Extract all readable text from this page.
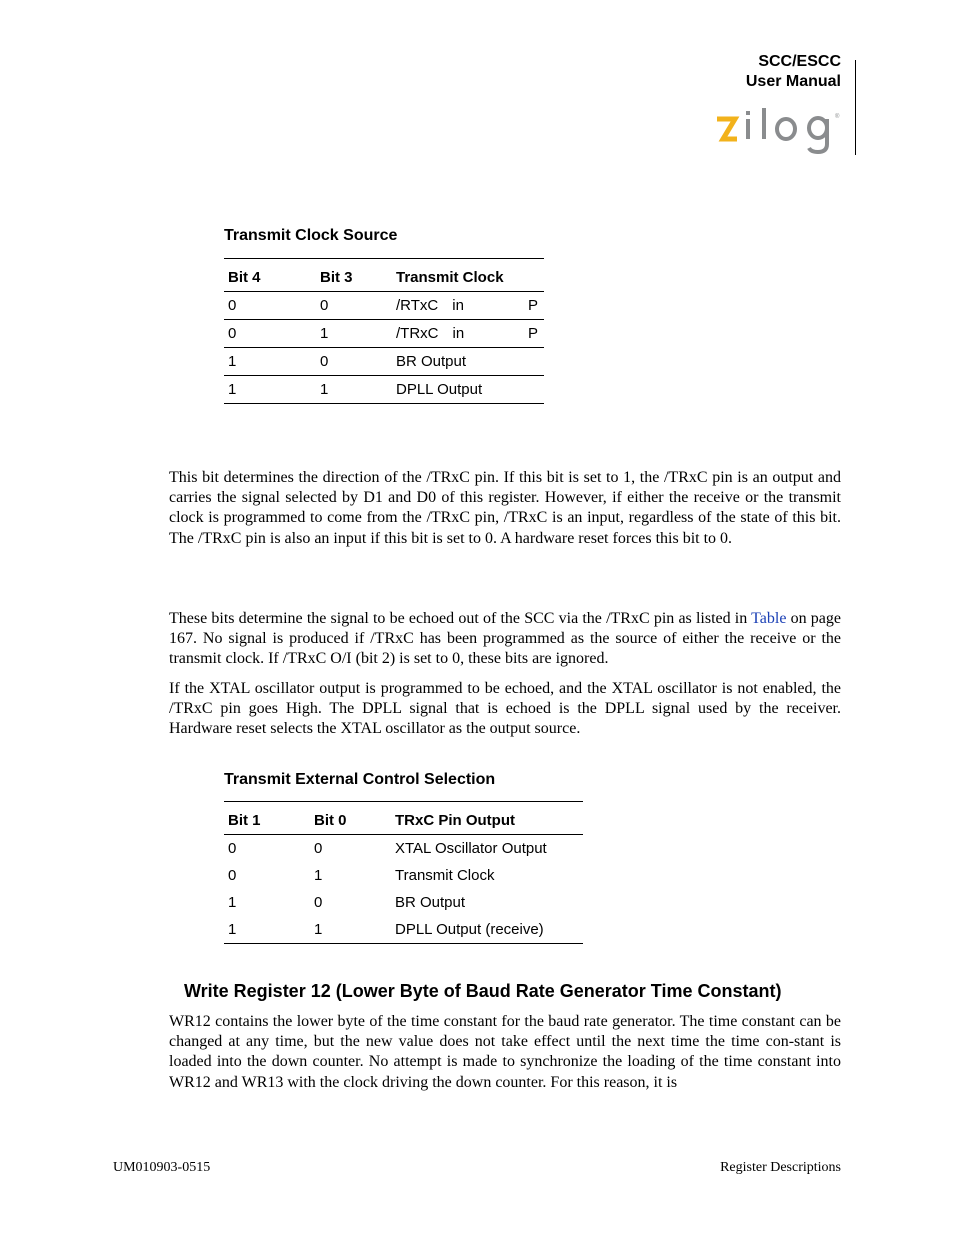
SCC/ESCC
User Manual
®
Transmit Clock Source
Bit 4	Bit 3	Transmit Clock
0	0	/RTxC in P

0	1	/TRxC in P

1	0	BR Output
1	1	DPLL Output

This bit determines the direction of the /TRxC pin. If this bit is set to 1, the /TRxC pin is an output and carries the signal selected by D1 and D0 of this register. However, if either the receive or the transmit clock is programmed to come from the /TRxC pin, /TRxC is an input, regardless of the state of this bit. The /TRxC pin is also an input if this bit is set to 0. A hardware reset forces this bit to 0.

These bits determine the signal to be echoed out of the SCC via the /TRxC pin as listed in Table on page 167. No signal is produced if /TRxC has been programmed as the source of either the receive or the transmit clock. If /TRxC O/I (bit 2) is set to 0, these bits are ignored.

If the XTAL oscillator output is programmed to be echoed, and the XTAL oscillator is not enabled, the /TRxC pin goes High. The DPLL signal that is echoed is the DPLL signal used by the receiver. Hardware reset selects the XTAL oscillator as the output source.

Transmit External Control Selection
Bit 1	Bit 0	TRxC Pin Output
0	0	XTAL Oscillator Output
0	1	Transmit Clock
1	0	BR Output
1	1	DPLL Output (receive)
Write Register 12 (Lower Byte of Baud Rate Generator Time Constant)

WR12 contains the lower byte of the time constant for the baud rate generator. The time constant can be changed at any time, but the new value does not take effect until the next time the time con-stant is loaded into the down counter. No attempt is made to synchronize the loading of the time constant into WR12 and WR13 with the clock driving the down counter. For this reason, it is

UM010903-0515	Register Descriptions
